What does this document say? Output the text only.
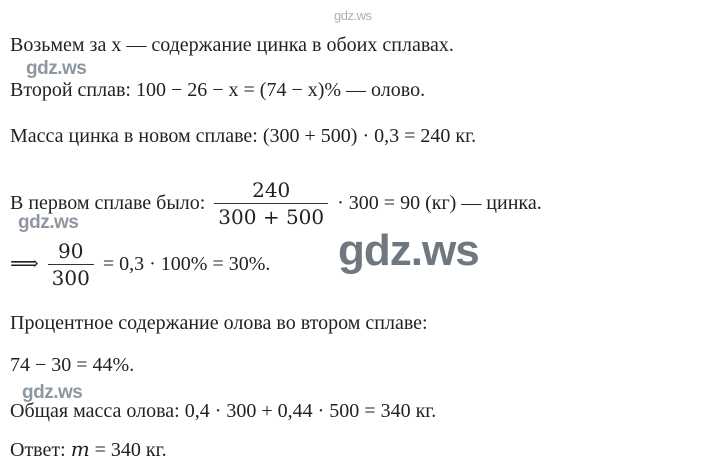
gdz.ws
Возьмем за x — содержание цинка в обоих сплавах.
gdz.ws
Второй сплав: 100 − 26 − x = (74 − x)% — олово.
Масса цинка в новом сплаве: (300 + 500) · 0,3 = 240 кг.
В первом сплаве было: $\frac{240}{300 + 500} \cdot 300 = 90$ (кг) — цинка.
gdz.ws
⟹ $\frac{90}{300} = 0,3 \cdot 100\% = 30\%$. gdz.ws
Процентное содержание олова во втором сплаве:
74 − 30 = 44%.
gdz.ws
Общая масса олова: 0,4 · 300 + 0,44 · 500 = 340 кг.
Ответ: m = 340 кг.
